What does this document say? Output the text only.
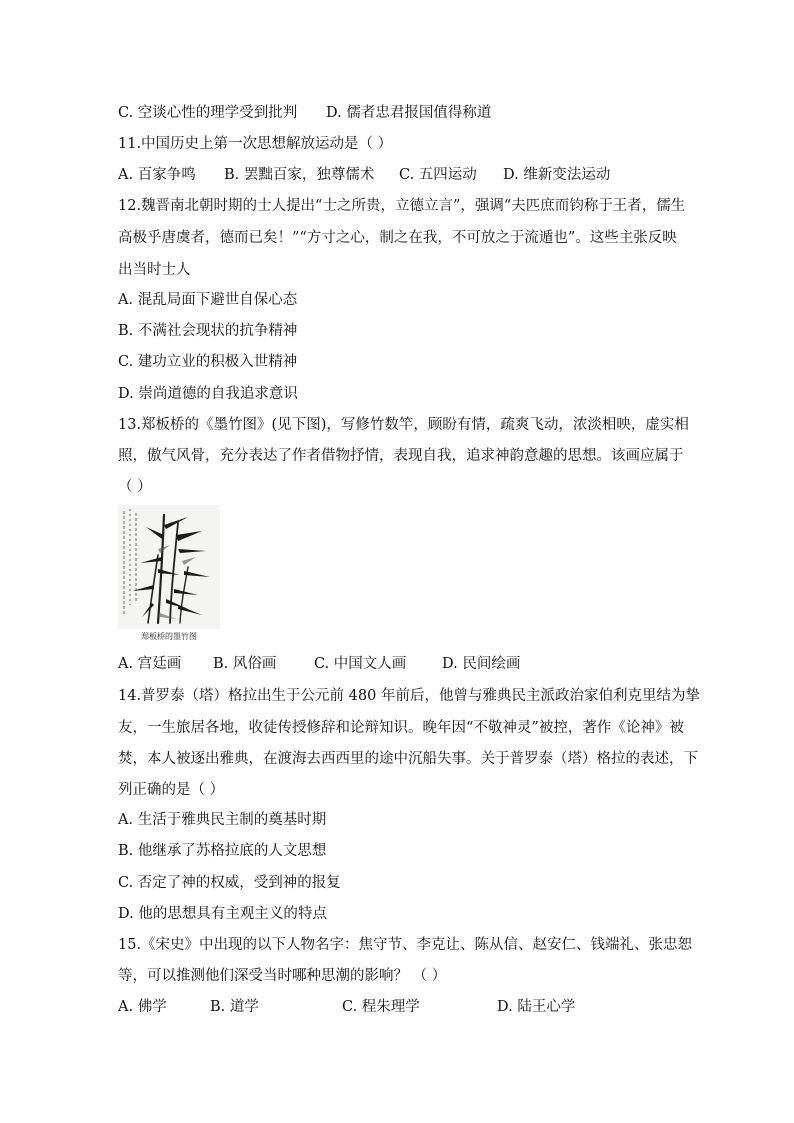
C. 空谈心性的理学受到批判 D. 儒者忠君报国值得称道
11.中国历史上第一次思想解放运动是（ ）
A. 百家争鸣 B. 罢黜百家，独尊儒术 C. 五四运动 D. 维新变法运动
12.魏晋南北朝时期的士人提出“士之所贵，立德立言”，强调“夫匹庶而钧称于王者，儒生
高极乎唐虞者，德而已矣！”“方寸之心，制之在我，不可放之于流遁也”。这些主张反映
出当时士人
A. 混乱局面下避世自保心态
B. 不满社会现状的抗争精神
C. 建功立业的积极入世精神
D. 崇尚道德的自我追求意识
13.郑板桥的《墨竹图》(见下图)，写修竹数竿，顾盼有情，疏爽飞动，浓淡相映，虚实相
照，傲气风骨，充分表达了作者借物抒情，表现自我，追求神韵意趣的思想。该画应属于
（ ）
郑板桥的墨竹图
A. 宫廷画 B. 风俗画	C. 中国文人画 D. 民间绘画
14.普罗泰（塔）格拉出生于公元前 480 年前后，他曾与雅典民主派政治家伯利克里结为挚
友，一生旅居各地，收徒传授修辞和论辩知识。晚年因“不敬神灵”被控，著作《论神》被
焚，本人被逐出雅典，在渡海去西西里的途中沉船失事。关于普罗泰（塔）格拉的表述，下
列正确的是（ ）
A. 生活于雅典民主制的奠基时期
B. 他继承了苏格拉底的人文思想
C. 否定了神的权威，受到神的报复
D. 他的思想具有主观主义的特点
15.《宋史》中出现的以下人物名字：焦守节、李克让、陈从信、赵安仁、钱端礼、张忠恕
等，可以推测他们深受当时哪种思潮的影响？ （ ）
A. 佛学	B. 道学	C. 程朱理学	D. 陆王心学
